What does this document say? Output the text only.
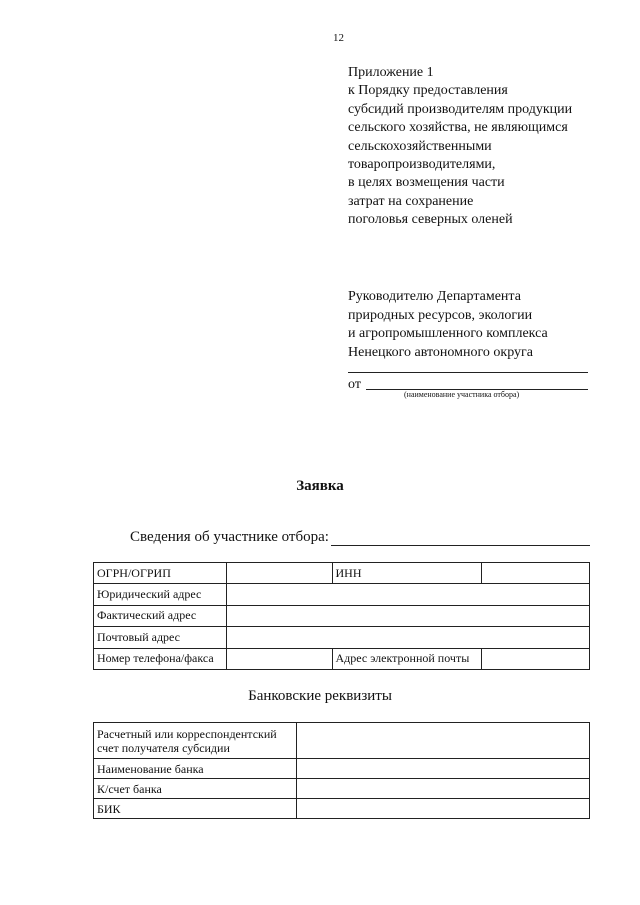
12
Приложение 1
к Порядку предоставления
субсидий производителям продукции
сельского хозяйства, не являющимся
сельскохозяйственными
товаропроизводителями,
в целях возмещения части
затрат на сохранение
поголовья северных оленей
Руководителю Департамента
природных ресурсов, экологии
и агропромышленного комплекса
Ненецкого автономного округа
от
(наименование участника отбора)
Заявка
Сведения об участнике отбора:
ОГРН/ОГРИП		ИНН	
Юридический адрес			
Фактический адрес			
Почтовый адрес			
Номер телефона/факса		Адрес электронной почты	
Банковские реквизиты
Расчетный или корреспондентский счет получателя субсидии	
Наименование банка	
К/счет банка	
БИК	
